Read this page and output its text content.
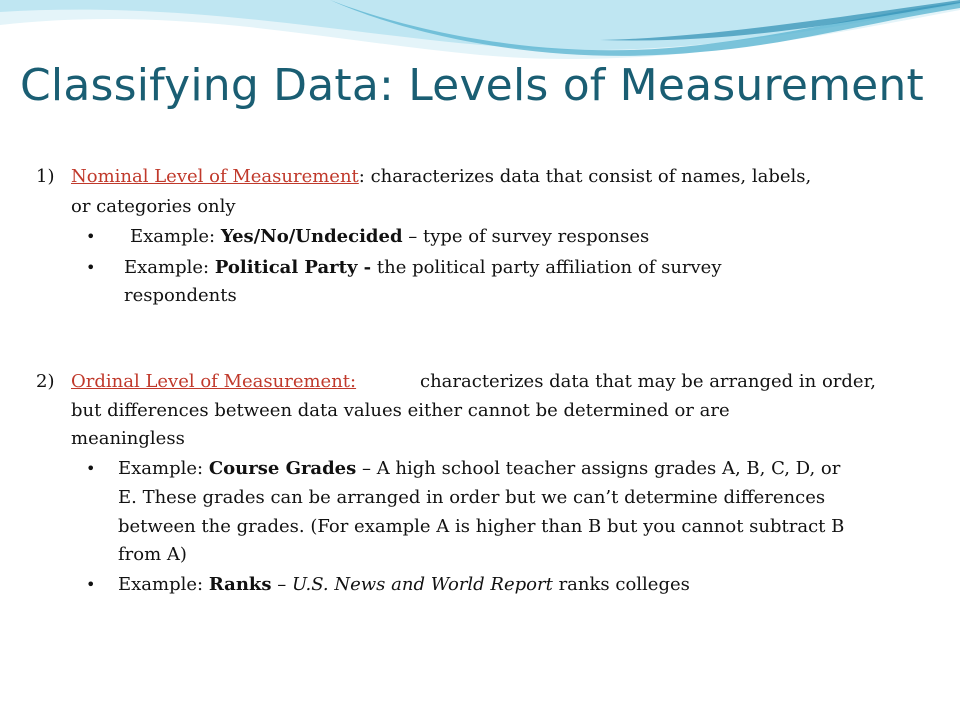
Classifying Data: Levels of Measurement
1) Nominal Level of Measurement: characterizes data that consist of names, labels,
or categories only
• Example: Yes/No/Undecided – type of survey responses
• Example: Political Party - the political party affiliation of survey
respondents
2) Ordinal Level of Measurement:	characterizes data that may be arranged in order,
but differences between data values either cannot be determined or are
meaningless
• Example: Course Grades – A high school teacher assigns grades A, B, C, D, or
E. These grades can be arranged in order but we can’t determine differences
between the grades. (For example A is higher than B but you cannot subtract B
from A)
• Example: Ranks – U.S. News and World Report ranks colleges
